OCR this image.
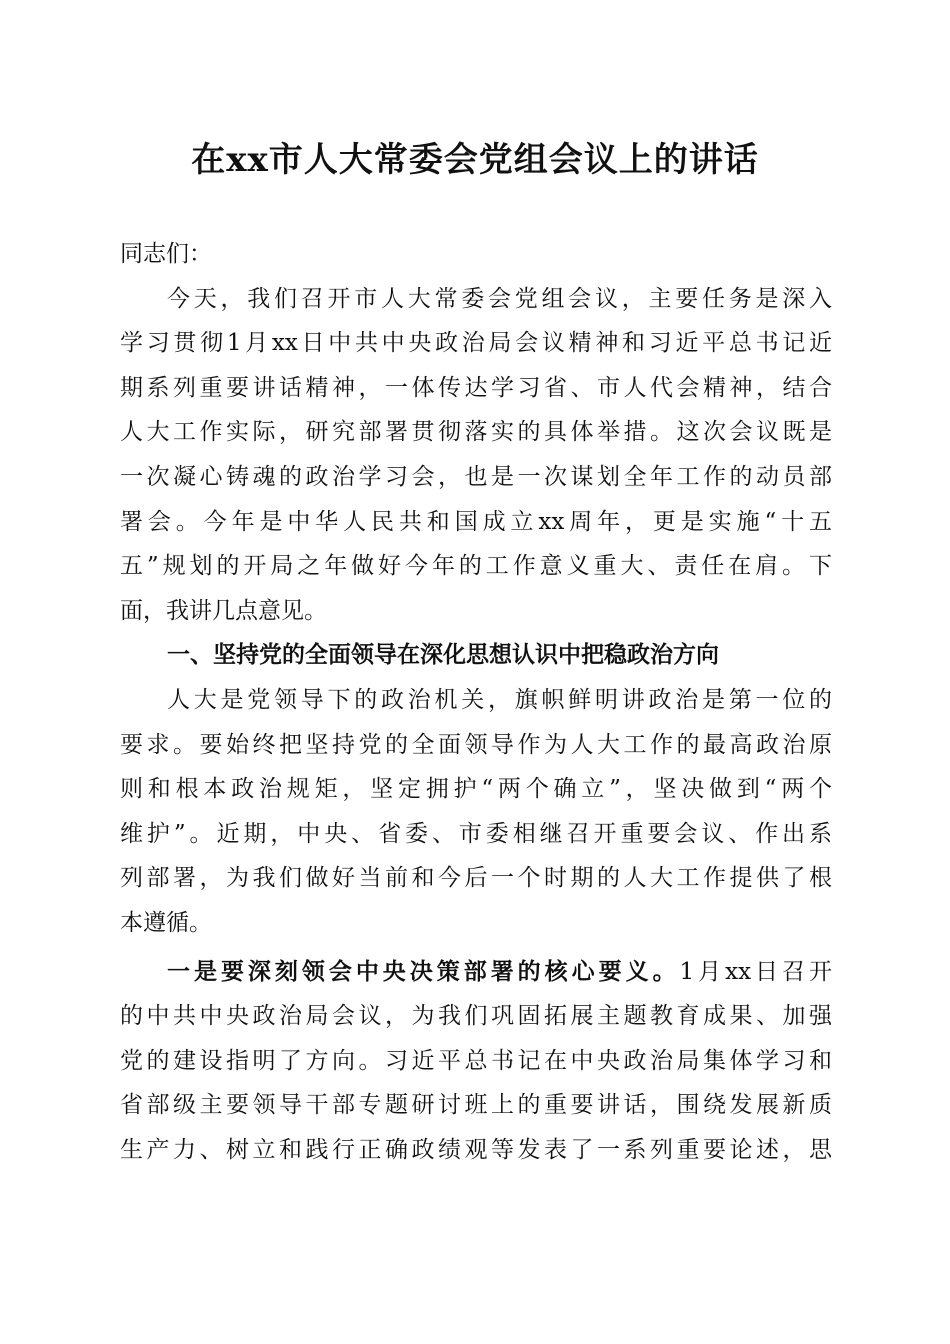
在xx市人大常委会党组会议上的讲话

同志们：

今天，我们召开市人大常委会党组会议，主要任务是深入
学习贯彻1月xx日中共中央政治局会议精神和习近平总书记近
期系列重要讲话精神，一体传达学习省、市人代会精神，结合
人大工作实际，研究部署贯彻落实的具体举措。这次会议既是
一次凝心铸魂的政治学习会，也是一次谋划全年工作的动员部
署会。今年是中华人民共和国成立xx周年，更是实施“十五
五”规划的开局之年做好今年的工作意义重大、责任在肩。下
面，我讲几点意见。

一、坚持党的全面领导在深化思想认识中把稳政治方向

人大是党领导下的政治机关，旗帜鲜明讲政治是第一位的
要求。要始终把坚持党的全面领导作为人大工作的最高政治原
则和根本政治规矩，坚定拥护“两个确立”，坚决做到“两个
维护”。近期，中央、省委、市委相继召开重要会议、作出系
列部署，为我们做好当前和今后一个时期的人大工作提供了根
本遵循。

一是要深刻领会中央决策部署的核心要义。1月xx日召开
的中共中央政治局会议，为我们巩固拓展主题教育成果、加强
党的建设指明了方向。习近平总书记在中央政治局集体学习和
省部级主要领导干部专题研讨班上的重要讲话，围绕发展新质
生产力、树立和践行正确政绩观等发表了一系列重要论述，思
